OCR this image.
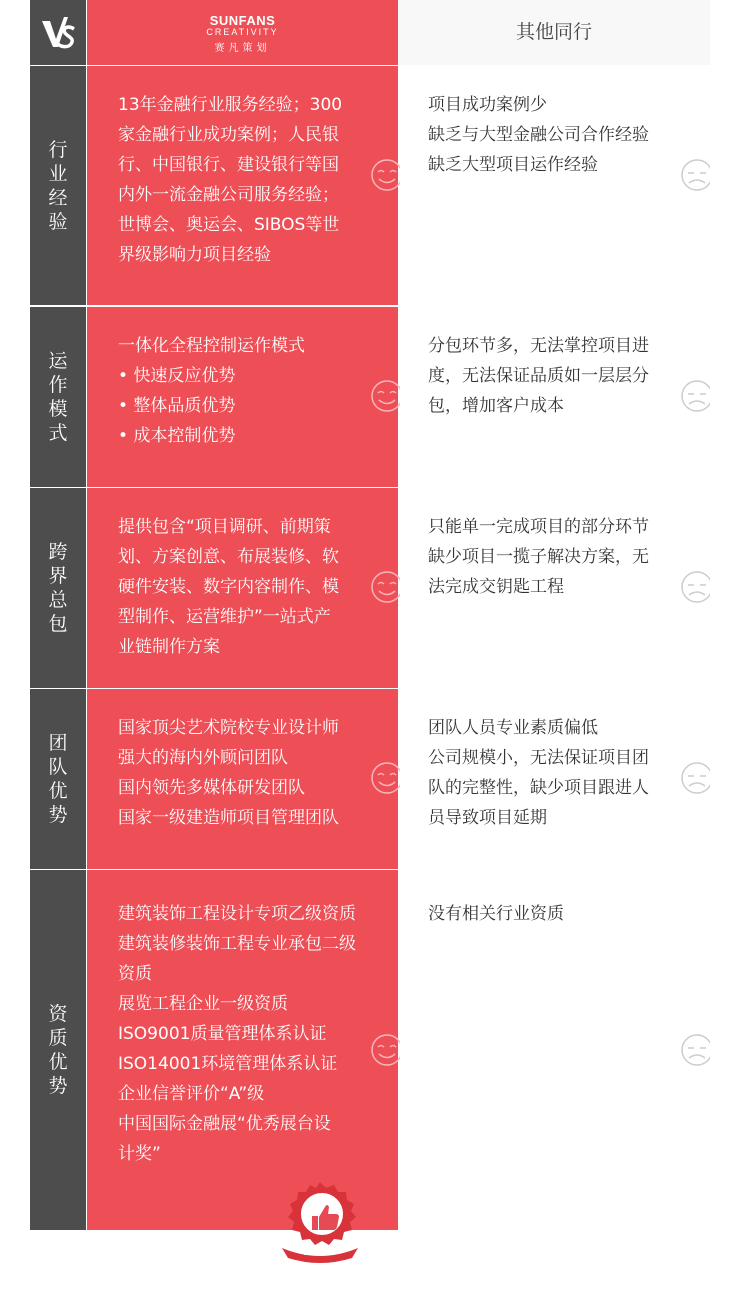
SUNFANS
CREATIVITY
赛凡策划
其他同行
行业经验
13年金融行业服务经验；300
家金融行业成功案例；人民银
行、中国银行、建设银行等国
内外一流金融公司服务经验；
世博会、奥运会、SIBOS等世
界级影响力项目经验
项目成功案例少
缺乏与大型金融公司合作经验
缺乏大型项目运作经验
运作模式
一体化全程控制运作模式
• 快速反应优势
• 整体品质优势
• 成本控制优势
分包环节多，无法掌控项目进
度，无法保证品质如一层层分
包，增加客户成本
跨界总包
提供包含“项目调研、前期策
划、方案创意、布展装修、软
硬件安装、数字内容制作、模
型制作、运营维护”一站式产
业链制作方案
只能单一完成项目的部分环节
缺少项目一揽子解决方案，无
法完成交钥匙工程
团队优势
国家顶尖艺术院校专业设计师
强大的海内外顾问团队
国内领先多媒体研发团队
国家一级建造师项目管理团队
团队人员专业素质偏低
公司规模小，无法保证项目团
队的完整性，缺少项目跟进人
员导致项目延期
资质优势
建筑装饰工程设计专项乙级资质
建筑装修装饰工程专业承包二级
资质
展览工程企业一级资质
ISO9001质量管理体系认证
ISO14001环境管理体系认证
企业信誉评价“A”级
中国国际金融展“优秀展台设
计奖”
没有相关行业资质
HIGHLY
